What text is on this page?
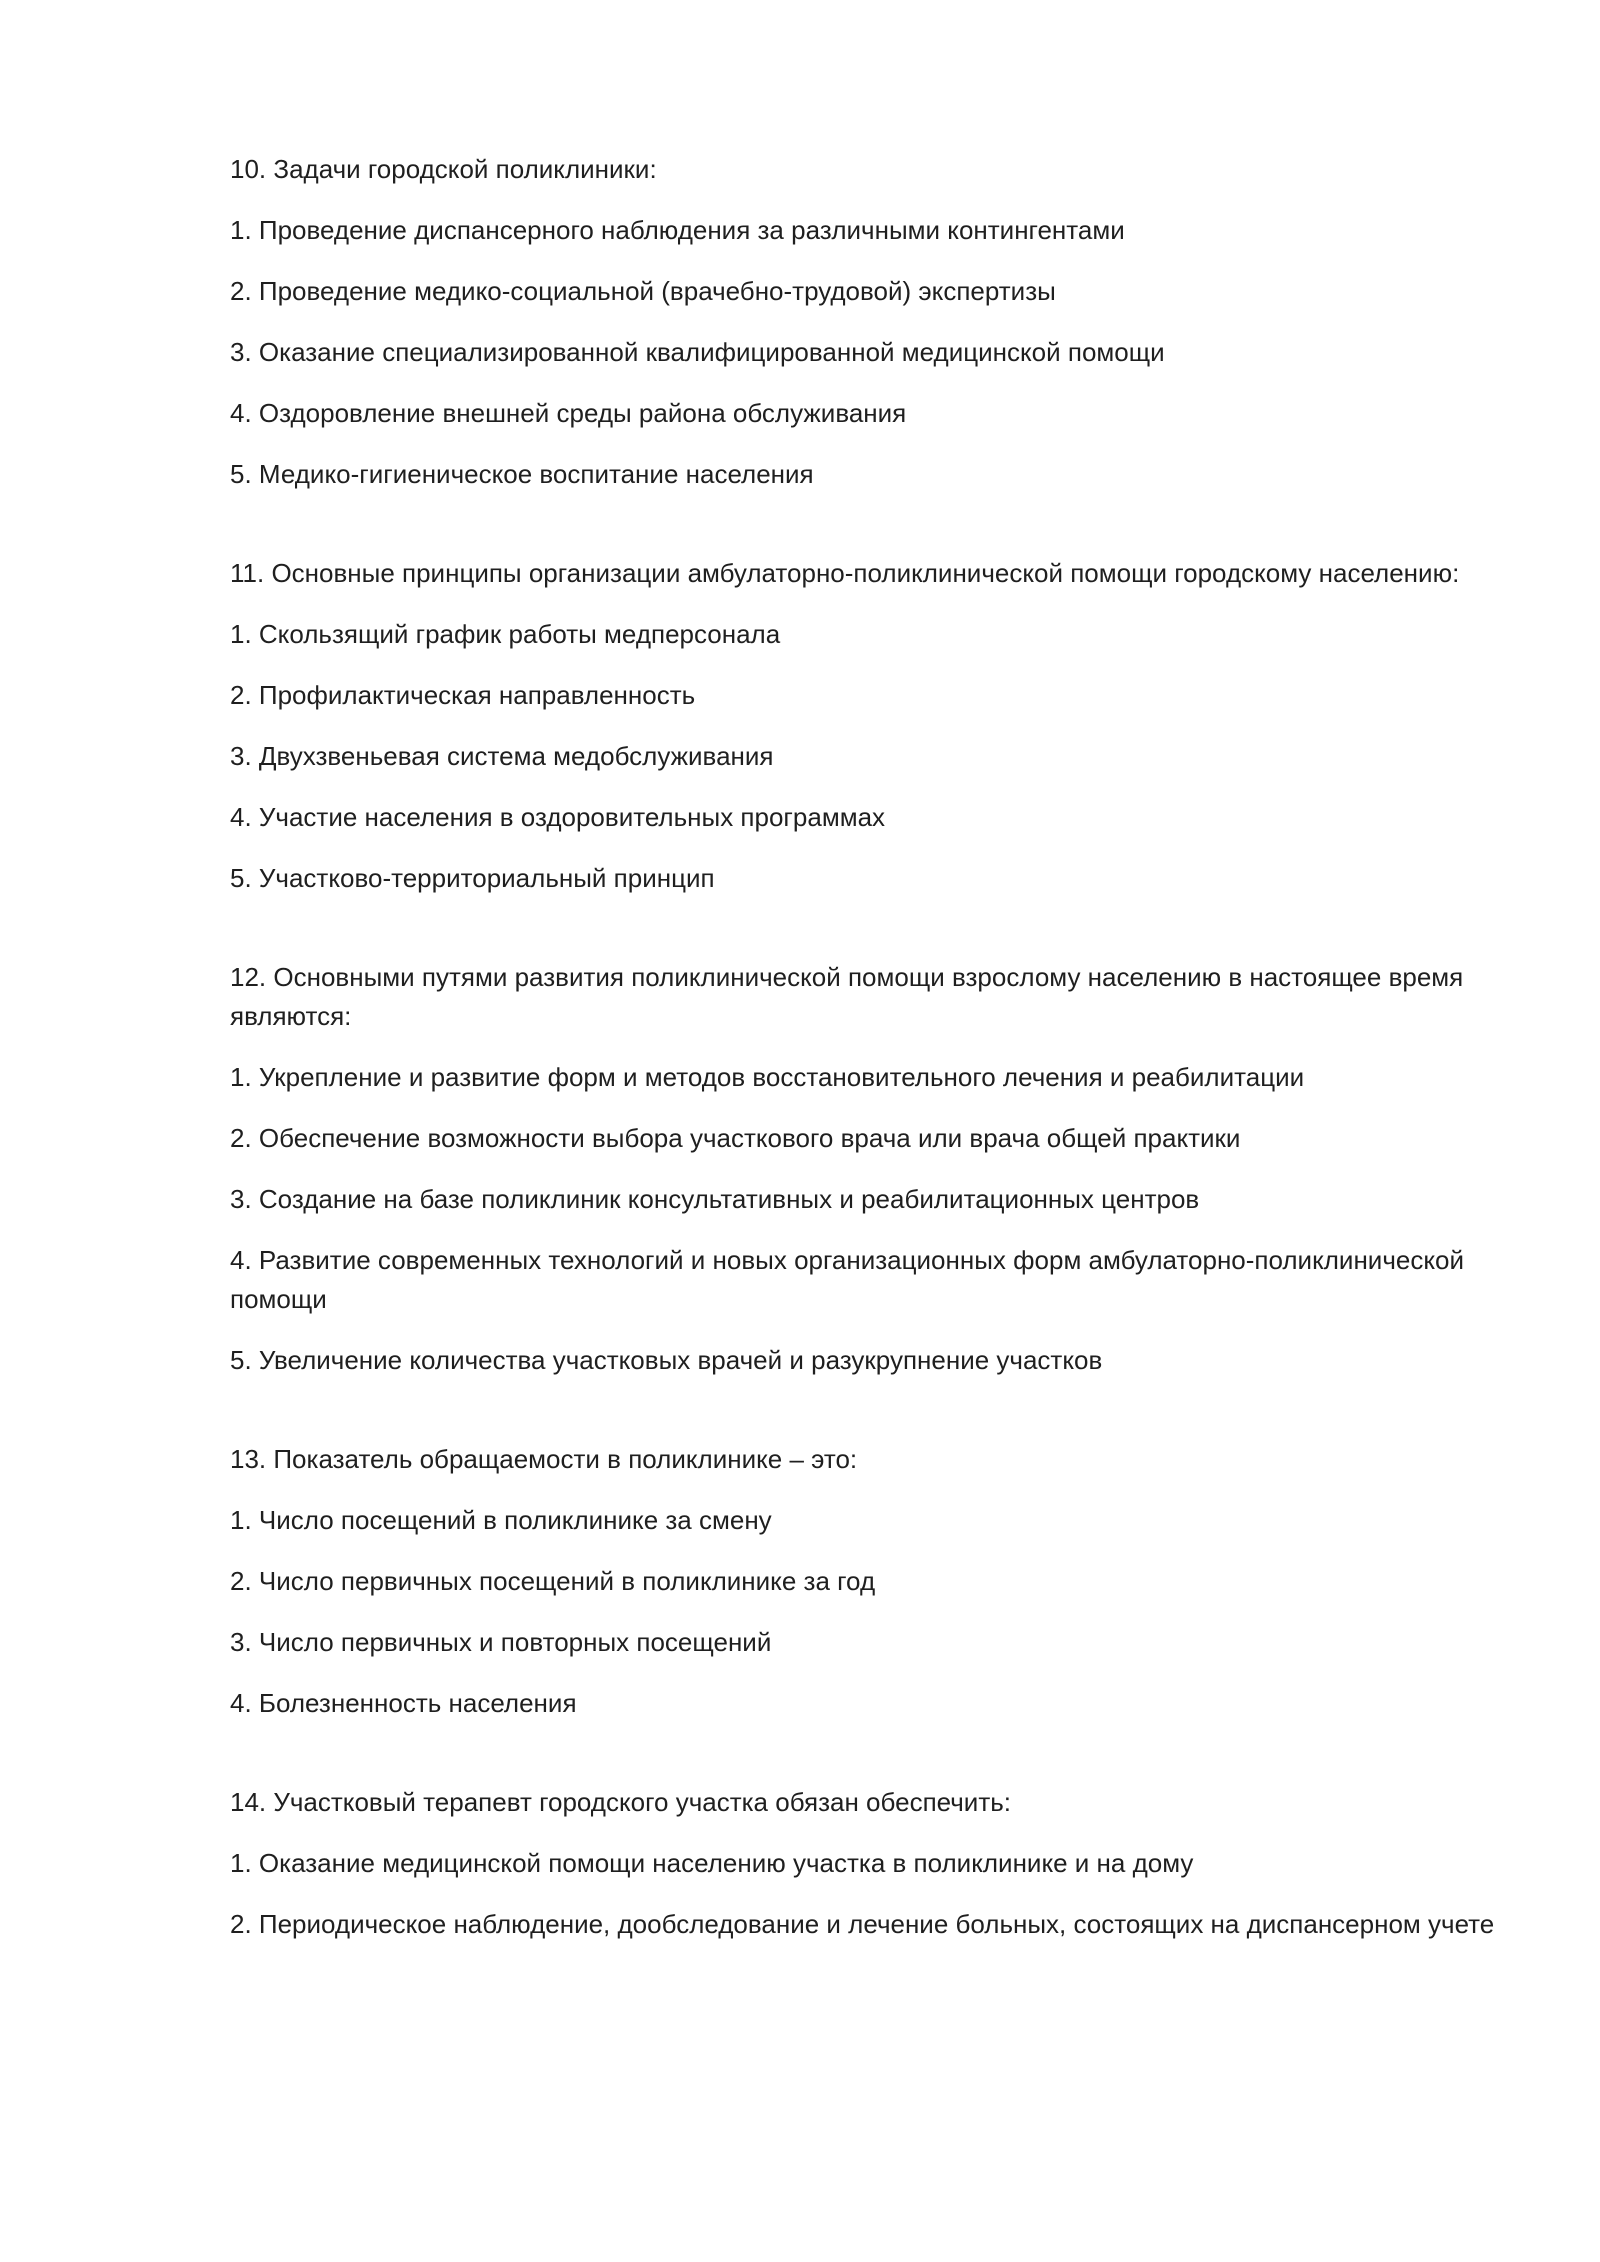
10. Задачи городской поликлиники:

1. Проведение диспансерного наблюдения за различными контингентами

2. Проведение медико-социальной (врачебно-трудовой) экспертизы

3. Оказание специализированной квалифицированной медицинской помощи

4. Оздоровление внешней среды района обслуживания

5. Медико-гигиеническое воспитание населения

11. Основные принципы организации амбулаторно-поликлинической помощи городскому населению:

1. Скользящий график работы медперсонала

2. Профилактическая направленность

3. Двухзвеньевая система медобслуживания

4. Участие населения в оздоровительных программах

5. Участково-территориальный принцип

12. Основными путями развития поликлинической помощи взрослому населению в настоящее время являются:

1. Укрепление и развитие форм и методов восстановительного лечения и реабилитации

2. Обеспечение возможности выбора участкового врача или врача общей практики

3. Создание на базе поликлиник консультативных и реабилитационных центров

4. Развитие современных технологий и новых организационных форм амбулаторно-поликлинической помощи

5. Увеличение количества участковых врачей и разукрупнение участков

13. Показатель обращаемости в поликлинике – это:

1. Число посещений в поликлинике за смену

2. Число первичных посещений в поликлинике за год

3. Число первичных и повторных посещений

4. Болезненность населения

14. Участковый терапевт городского участка обязан обеспечить:

1. Оказание медицинской помощи населению участка в поликлинике и на дому

2. Периодическое наблюдение, дообследование и лечение больных, состоящих на диспансерном учете
